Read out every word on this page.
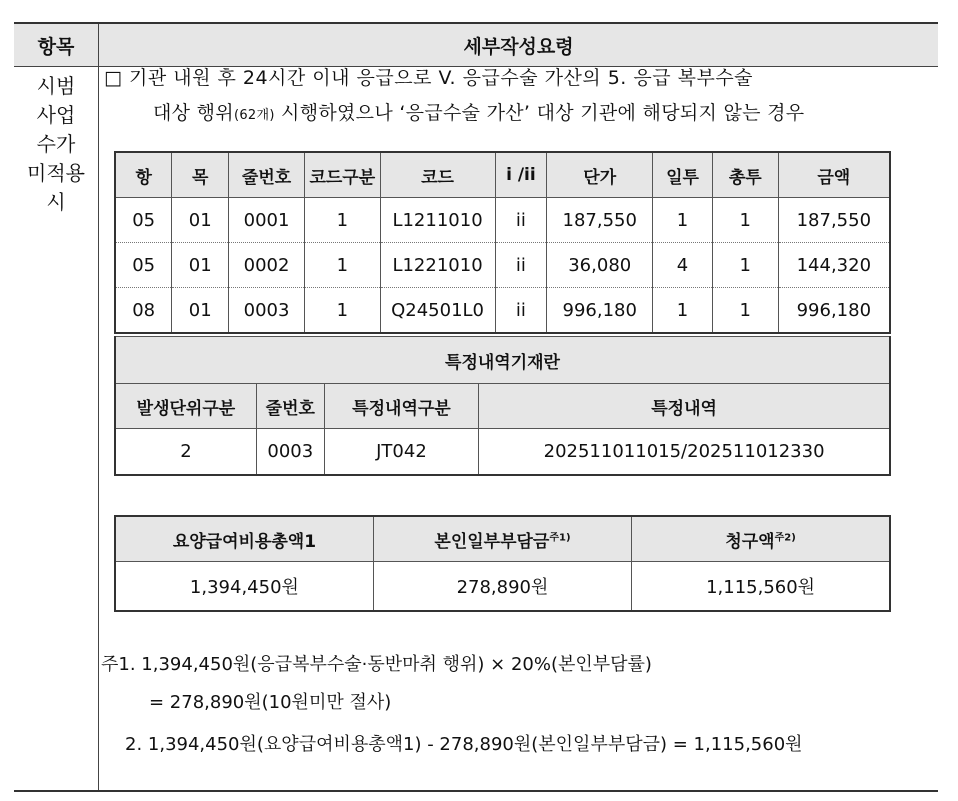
항목	세부작성요령
시범
사업
수가
미적용
시
□ 기관 내원 후 24시간 이내 응급으로 V. 응급수술 가산의 5. 응급 복부수술
대상 행위(62개) 시행하였으나 ‘응급수술 가산’ 대상 기관에 해당되지 않는 경우
항	목	줄번호	코드구분	코드	i /ii	단가	일투	총투	금액
05	01	0001	1	L1211010	ii	187,550	1	1	187,550
05	01	0002	1	L1221010	ii	36,080	4	1	144,320
08	01	0003	1	Q24501L0	ii	996,180	1	1	996,180
특정내역기재란			
발생단위구분	줄번호	특정내역구분	특정내역
2	0003	JT042	202511011015/202511012330
요양급여비용총액1	본인일부부담금$^{주1)}$	청구액$^{주2)}$
1,394,450원	278,890원	1,115,560원
주1. 1,394,450원(응급복부수술·동반마취 행위) × 20%(본인부담률)
= 278,890원(10원미만 절사)
2. 1,394,450원(요양급여비용총액1) - 278,890원(본인일부부담금) = 1,115,560원
